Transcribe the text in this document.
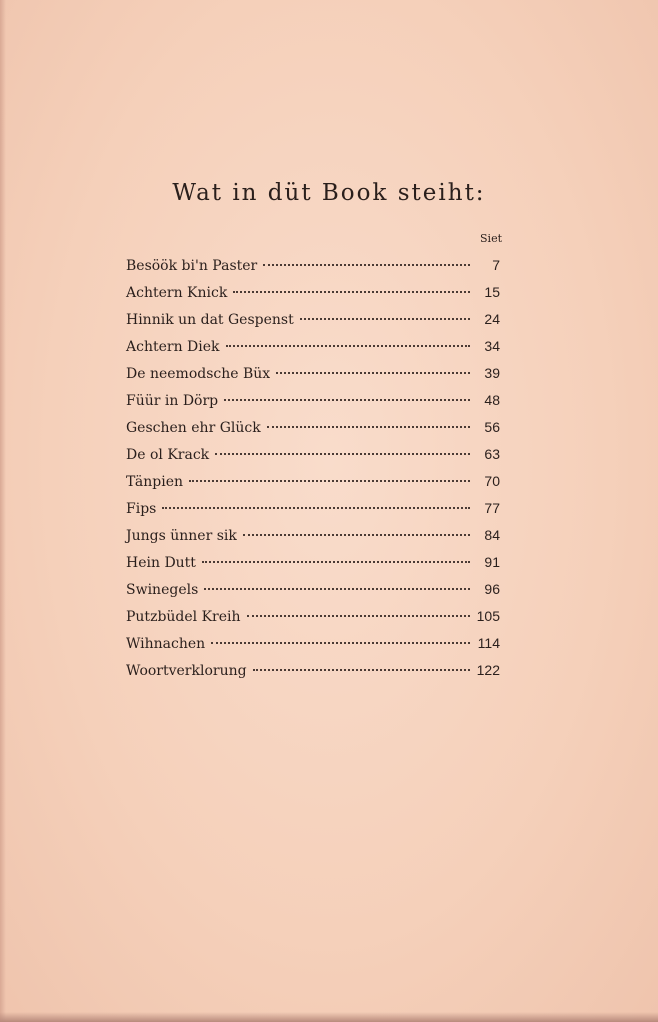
Wat in düt Book steiht:
Siet
Besöök bi'n Paster	7
Achtern Knick	15
Hinnik un dat Gespenst	24
Achtern Diek	34
De neemodsche Büx	39
Füür in Dörp	48
Geschen ehr Glück	56
De ol Krack	63
Tänpien	70
Fips	77
Jungs ünner sik	84
Hein Dutt	91
Swinegels	96
Putzbüdel Kreih	105
Wihnachen	114
Woortverklorung	122
